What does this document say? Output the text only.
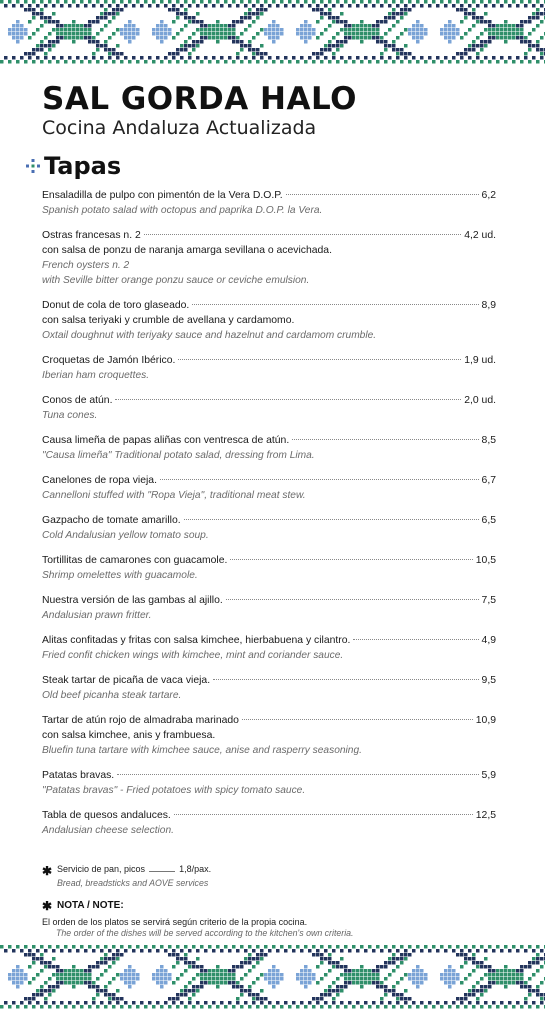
SAL GORDA HALO
Cocina Andaluza Actualizada
Tapas
Ensaladilla de pulpo con pimentón de la Vera D.O.P.	6,2
Spanish potato salad with octopus and paprika D.O.P. la Vera.
Ostras francesas n. 2	4,2 ud.
con salsa de ponzu de naranja amarga sevillana o acevichada.
French oysters n. 2
with Seville bitter orange ponzu sauce or ceviche emulsion.
Donut de cola de toro glaseado.	8,9
con salsa teriyaki y crumble de avellana y cardamomo.
Oxtail doughnut with teriyaky sauce and hazelnut and cardamom crumble.
Croquetas de Jamón Ibérico.	1,9 ud.
Iberian ham croquettes.
Conos de atún.	2,0 ud.
Tuna cones.
Causa limeña de papas aliñas con ventresca de atún.	8,5
"Causa limeña" Traditional potato salad, dressing from Lima.
Canelones de ropa vieja.	6,7
Cannelloni stuffed with "Ropa Vieja", traditional meat stew.
Gazpacho de tomate amarillo.	6,5
Cold Andalusian yellow tomato soup.
Tortillitas de camarones con guacamole.	10,5
Shrimp omelettes with guacamole.
Nuestra versión de las gambas al ajillo.	7,5
Andalusian prawn fritter.
Alitas confitadas y fritas con salsa kimchee, hierbabuena y cilantro.	4,9
Fried confit chicken wings with kimchee, mint and coriander sauce.
Steak tartar de picaña de vaca vieja.	9,5
Old beef picanha steak tartare.
Tartar de atún rojo de almadraba marinado	10,9
con salsa kimchee, anis y frambuesa.
Bluefin tuna tartare with kimchee sauce, anise and rasperry seasoning.
Patatas bravas.	5,9
"Patatas bravas" - Fried potatoes with spicy tomato sauce.
Tabla de quesos andaluces.	12,5
Andalusian cheese selection.
✱ Servicio de pan, picos	1,8/pax.
Bread, breadsticks and AOVE services
✱ NOTA / NOTE:
El orden de los platos se servirá según criterio de la propia cocina.
The order of the dishes will be served according to the kitchen's own criteria.
